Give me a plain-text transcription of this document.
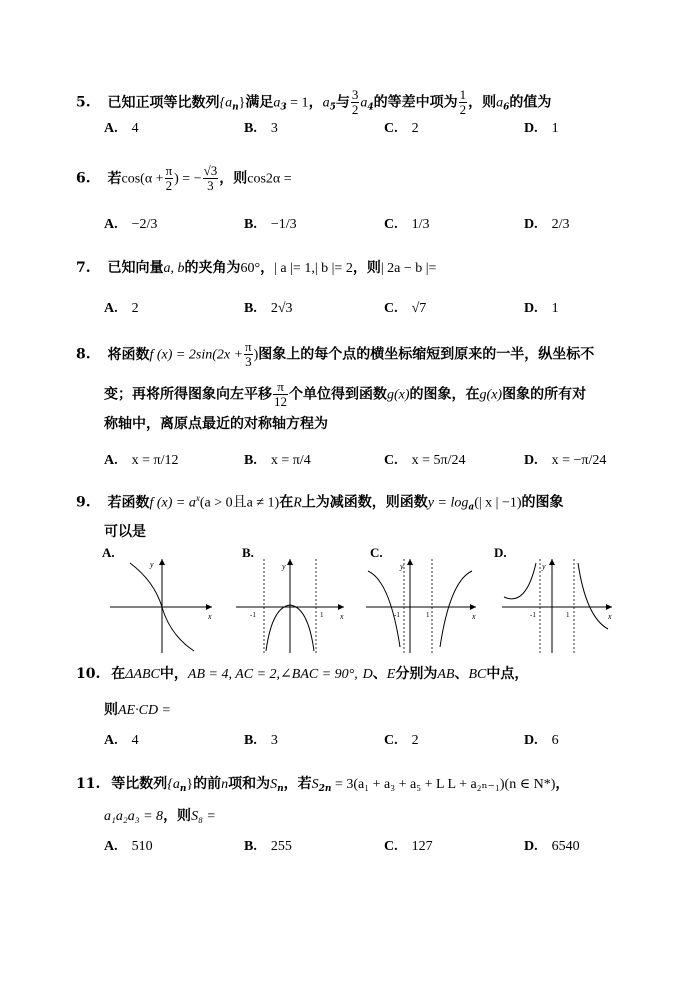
5. 已知正项等比数列$\{a_n\}$满足$a_3 = 1$，$a_5$与 $\frac{3}{2} a_4$的等差中项为 $\frac{1}{2}$ ，则$a_6$的值为
A. 4	B. 3	C. 2	D. 1
6. 若$\cos(\alpha + \frac{\pi}{2}$ ) = − $\frac{√3}{3}$ ，则cos2α =
A. −2/3	B. −1/3	C. 1/3	D. 2/3
7. 已知向量a, b的夹角为60°，| a |= 1,| b |= 2，则| 2a − b |=
A. 2	B. 2√3	C. √7	D. 1
8. 将函数f $(x) = 2\sin(2x + \frac{\pi}{3}$ )图象上的每个点的横坐标缩短到原来的一半，纵坐标不
变；再将所得图象向左平移 $\frac{\pi}{12}$ 个单位得到函数g(x)的图象，在g(x)图象的所有对
称轴中，离原点最近的对称轴方程为
A. x = π/12	B. x = π/4	C. x = 5π/24	D. x = −π/24
9. 若函数f $(x) = a^x(a > 0$且a ≠ 1)在R上为减函数，则函数$y = \log_a(|$ x | −1)的图象
可以是
A.	B.	C.	D.
y
x
y
x
-1	1
y
x
-1	1
y
x
-1	1
10. 在ΔABC中，AB = 4, AC = 2,∠BAC = 90°, D、E分别为AB、BC中点，
则AE·CD =
A. 4	B. 3	C. 2	D. 6
11. 等比数列$\{a_n\}$的前n项和为$S_n$，若$S_{2n} = 3(a_1 + a_3 + a_5 + L$ L + a₂ₙ₋₁)(n ∈ N*)，
a₁a₂a₃ = 8，则S₈ =
A. 510	B. 255	C. 127	D. 6540
